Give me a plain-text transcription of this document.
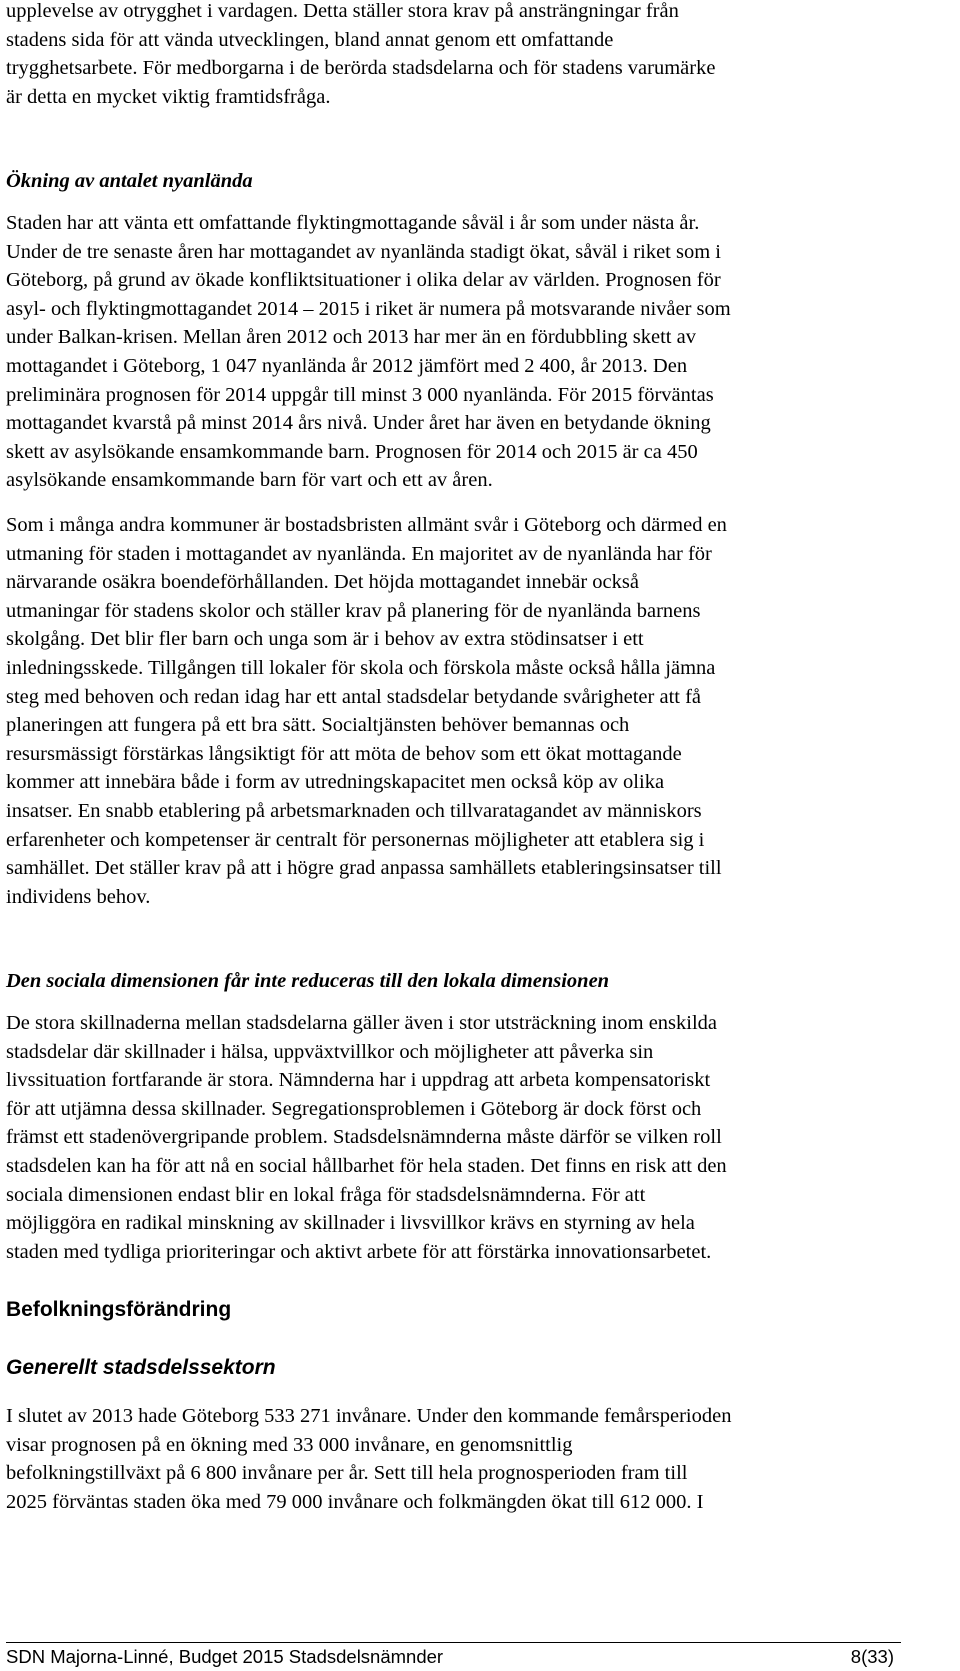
upplevelse av otrygghet i vardagen. Detta ställer stora krav på ansträngningar från
stadens sida för att vända utvecklingen, bland annat genom ett omfattande
trygghetsarbete. För medborgarna i de berörda stadsdelarna och för stadens varumärke
är detta en mycket viktig framtidsfråga.
Ökning av antalet nyanlända
Staden har att vänta ett omfattande flyktingmottagande såväl i år som under nästa år.
Under de tre senaste åren har mottagandet av nyanlända stadigt ökat, såväl i riket som i
Göteborg, på grund av ökade konfliktsituationer i olika delar av världen. Prognosen för
asyl- och flyktingmottagandet 2014 – 2015 i riket är numera på motsvarande nivåer som
under Balkan-krisen. Mellan åren 2012 och 2013 har mer än en fördubbling skett av
mottagandet i Göteborg, 1 047 nyanlända år 2012 jämfört med 2 400, år 2013. Den
preliminära prognosen för 2014 uppgår till minst 3 000 nyanlända. För 2015 förväntas
mottagandet kvarstå på minst 2014 års nivå. Under året har även en betydande ökning
skett av asylsökande ensamkommande barn. Prognosen för 2014 och 2015 är ca 450
asylsökande ensamkommande barn för vart och ett av åren.
Som i många andra kommuner är bostadsbristen allmänt svår i Göteborg och därmed en
utmaning för staden i mottagandet av nyanlända. En majoritet av de nyanlända har för
närvarande osäkra boendeförhållanden. Det höjda mottagandet innebär också
utmaningar för stadens skolor och ställer krav på planering för de nyanlända barnens
skolgång. Det blir fler barn och unga som är i behov av extra stödinsatser i ett
inledningsskede. Tillgången till lokaler för skola och förskola måste också hålla jämna
steg med behoven och redan idag har ett antal stadsdelar betydande svårigheter att få
planeringen att fungera på ett bra sätt. Socialtjänsten behöver bemannas och
resursmässigt förstärkas långsiktigt för att möta de behov som ett ökat mottagande
kommer att innebära både i form av utredningskapacitet men också köp av olika
insatser. En snabb etablering på arbetsmarknaden och tillvaratagandet av människors
erfarenheter och kompetenser är centralt för personernas möjligheter att etablera sig i
samhället. Det ställer krav på att i högre grad anpassa samhällets etableringsinsatser till
individens behov.
Den sociala dimensionen får inte reduceras till den lokala dimensionen
De stora skillnaderna mellan stadsdelarna gäller även i stor utsträckning inom enskilda
stadsdelar där skillnader i hälsa, uppväxtvillkor och möjligheter att påverka sin
livssituation fortfarande är stora. Nämnderna har i uppdrag att arbeta kompensatoriskt
för att utjämna dessa skillnader. Segregationsproblemen i Göteborg är dock först och
främst ett stadenövergripande problem. Stadsdelsnämnderna måste därför se vilken roll
stadsdelen kan ha för att nå en social hållbarhet för hela staden. Det finns en risk att den
sociala dimensionen endast blir en lokal fråga för stadsdelsnämnderna. För att
möjliggöra en radikal minskning av skillnader i livsvillkor krävs en styrning av hela
staden med tydliga prioriteringar och aktivt arbete för att förstärka innovationsarbetet.
Befolkningsförändring
Generellt stadsdelssektorn
I slutet av 2013 hade Göteborg 533 271 invånare. Under den kommande femårsperioden
visar prognosen på en ökning med 33 000 invånare, en genomsnittlig
befolkningstillväxt på 6 800 invånare per år. Sett till hela prognosperioden fram till
2025 förväntas staden öka med 79 000 invånare och folkmängden ökat till 612 000. I
SDN Majorna-Linné, Budget 2015 Stadsdelsnämnder	8(33)
